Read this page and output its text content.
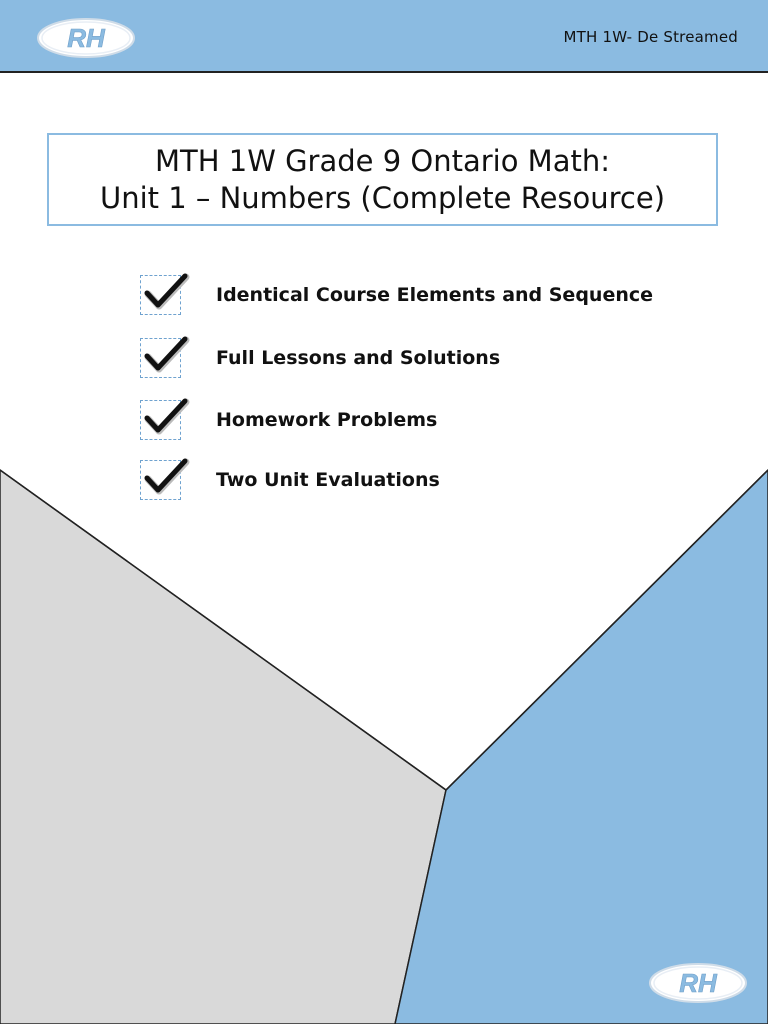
RH	MTH 1W- De Streamed
MTH 1W Grade 9 Ontario Math:
Unit 1 – Numbers (Complete Resource)
Identical Course Elements and Sequence
Full Lessons and Solutions
Homework Problems
Two Unit Evaluations
RH
